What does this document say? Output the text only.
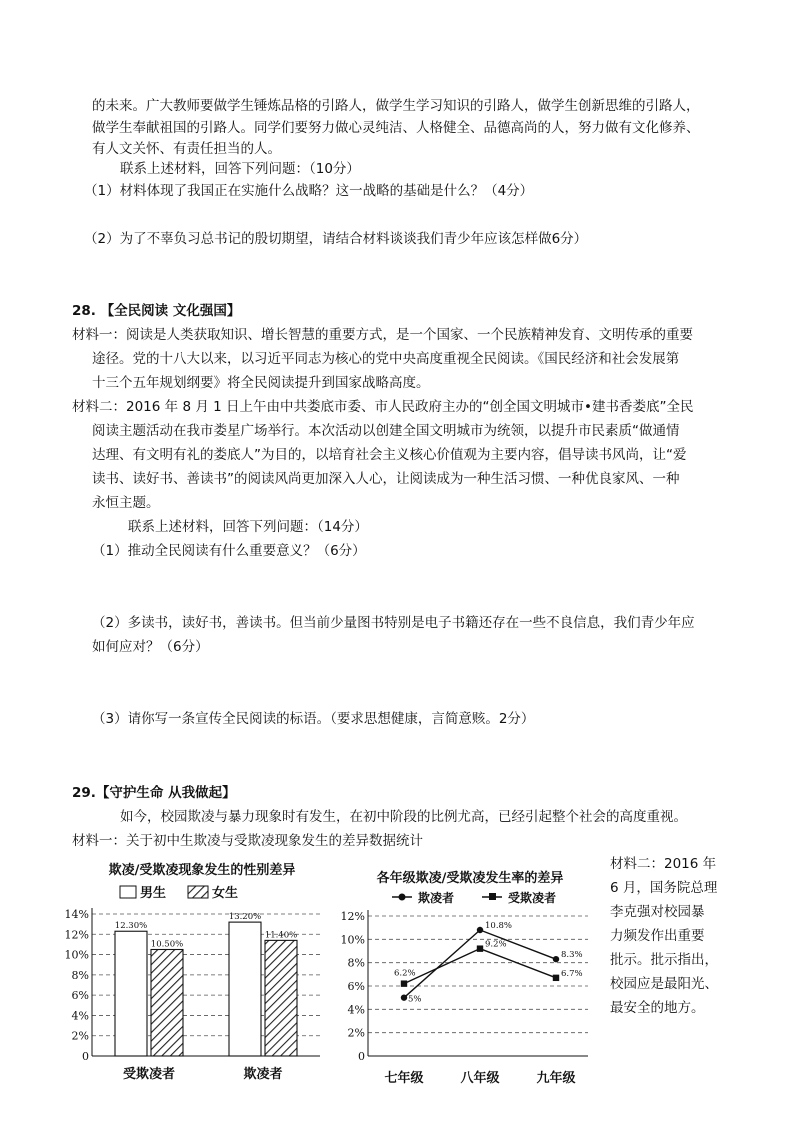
的未来。广大教师要做学生锤炼品格的引路人，做学生学习知识的引路人，做学生创新思维的引路人，
做学生奉献祖国的引路人。同学们要努力做心灵纯洁、人格健全、品德高尚的人，努力做有文化修养、
有人文关怀、有责任担当的人。
联系上述材料，回答下列问题：（10分）
（1）材料体现了我国正在实施什么战略？这一战略的基础是什么？（4分）
（2）为了不辜负习总书记的殷切期望，请结合材料谈谈我们青少年应该怎样做6分）
28. 【全民阅读 文化强国】
材料一：阅读是人类获取知识、增长智慧的重要方式，是一个国家、一个民族精神发育、文明传承的重要
途径。党的十八大以来，以习近平同志为核心的党中央高度重视全民阅读。《国民经济和社会发展第
十三个五年规划纲要》将全民阅读提升到国家战略高度。
材料二：2016 年 8 月 1 日上午由中共娄底市委、市人民政府主办的“创全国文明城市•建书香娄底”全民
阅读主题活动在我市娄星广场举行。本次活动以创建全国文明城市为统领，以提升市民素质“做通情
达理、有文明有礼的娄底人”为目的，以培育社会主义核心价值观为主要内容，倡导读书风尚，让“爱
读书、读好书、善读书”的阅读风尚更加深入人心，让阅读成为一种生活习惯、一种优良家风、一种
永恒主题。
联系上述材料，回答下列问题：（14分）
（1）推动全民阅读有什么重要意义？（6分）
（2）多读书，读好书，善读书。但当前少量图书特别是电子书籍还存在一些不良信息，我们青少年应
如何应对？（6分）
（3）请你写一条宣传全民阅读的标语。（要求思想健康，言简意赅。2分）
29.【守护生命 从我做起】
如今，校园欺凌与暴力现象时有发生，在初中阶段的比例尤高，已经引起整个社会的高度重视。
材料一：关于初中生欺凌与受欺凌现象发生的差异数据统计
材料二：2016 年
6 月，国务院总理
李克强对校园暴
力频发作出重要
批示。批示指出，
校园应是最阳光、
最安全的地方。
欺凌/受欺凌现象发生的性别差异
男生	女生
0
2%
4%
6%
8%
10%
12%
14%
12.30%
10.50%
受欺凌者
13.20%
11.40%
欺凌者
各年级欺凌/受欺凌发生率的差异
欺凌者	受欺凌者
0
2%
4%
6%
8%
10%
12%
七年级	八年级	九年级
5%
10.8%
8.3%
6.2%
9.2%
6.7%
